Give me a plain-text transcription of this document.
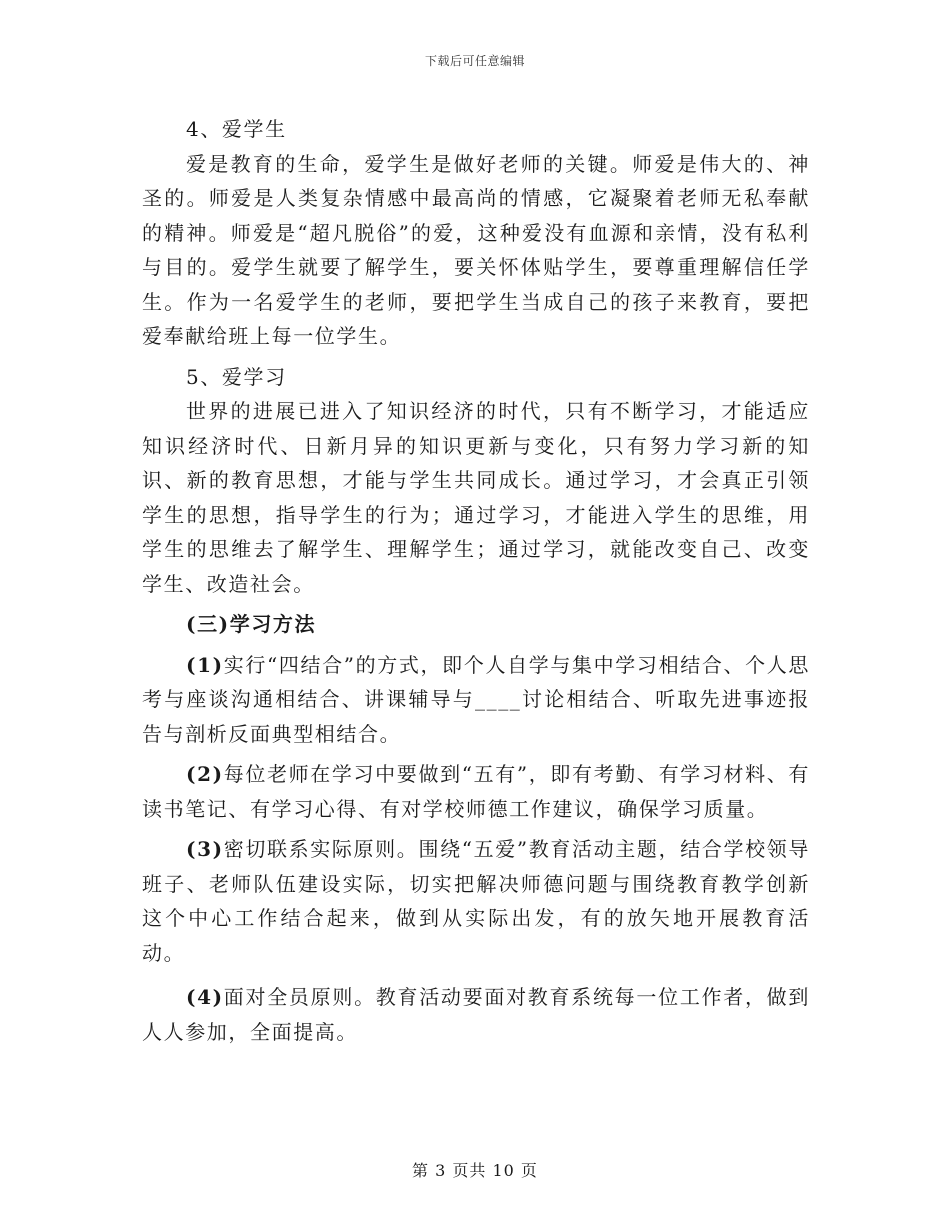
下载后可任意编辑

4、爱学生

爱是教育的生命，爱学生是做好老师的关键。师爱是伟大的、神圣的。师爱是人类复杂情感中最高尚的情感，它凝聚着老师无私奉献的精神。师爱是“超凡脱俗”的爱，这种爱没有血源和亲情，没有私利与目的。爱学生就要了解学生，要关怀体贴学生，要尊重理解信任学生。作为一名爱学生的老师，要把学生当成自己的孩子来教育，要把爱奉献给班上每一位学生。

5、爱学习

世界的进展已进入了知识经济的时代，只有不断学习，才能适应知识经济时代、日新月异的知识更新与变化，只有努力学习新的知识、新的教育思想，才能与学生共同成长。通过学习，才会真正引领学生的思想，指导学生的行为；通过学习，才能进入学生的思维，用学生的思维去了解学生、理解学生；通过学习，就能改变自己、改变学生、改造社会。

(三)学习方法

(1)实行“四结合”的方式，即个人自学与集中学习相结合、个人思考与座谈沟通相结合、讲课辅导与____讨论相结合、听取先进事迹报告与剖析反面典型相结合。

(2)每位老师在学习中要做到“五有”，即有考勤、有学习材料、有读书笔记、有学习心得、有对学校师德工作建议，确保学习质量。

(3)密切联系实际原则。围绕“五爱”教育活动主题，结合学校领导班子、老师队伍建设实际，切实把解决师德问题与围绕教育教学创新这个中心工作结合起来，做到从实际出发，有的放矢地开展教育活动。

(4)面对全员原则。教育活动要面对教育系统每一位工作者，做到人人参加，全面提高。

第 3 页共 10 页
